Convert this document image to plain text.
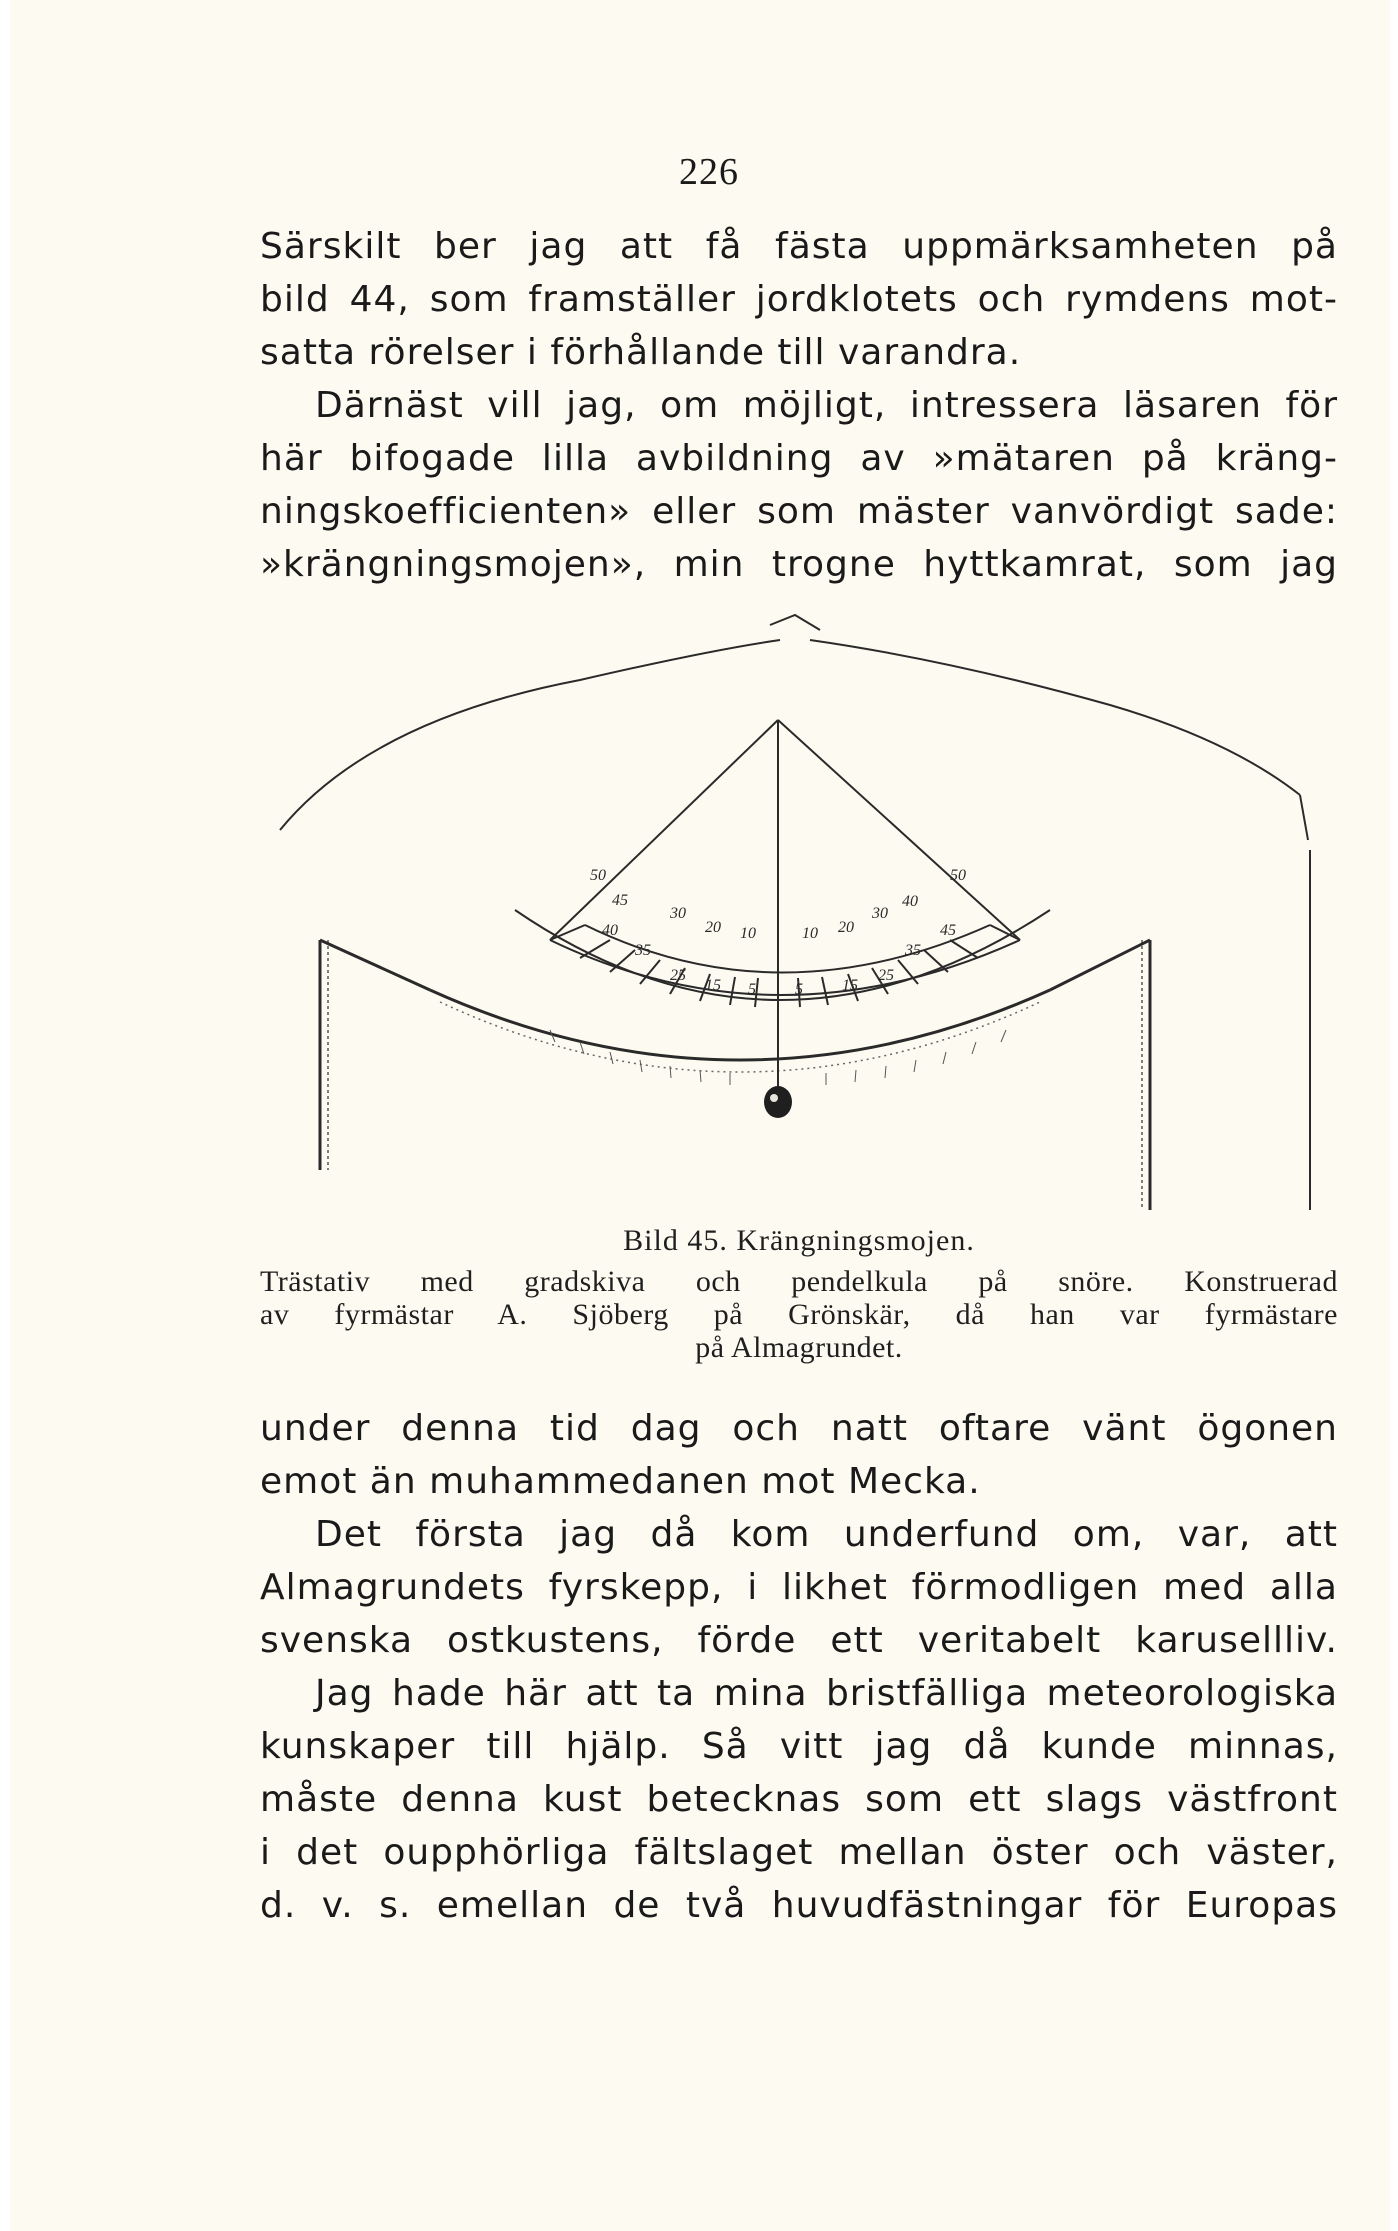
226
Särskilt ber jag att få fästa uppmärksamheten på
bild 44, som framställer jordklotets och rymdens mot-
satta rörelser i förhållande till varandra.
Därnäst vill jag, om möjligt, intressera läsaren för
här bifogade lilla avbildning av »mätaren på kräng-
ningskoefficienten» eller som mäster vanvördigt sade:
»krängningsmojen», min trogne hyttkamrat, som jag
50
45
40
35
30
25
20
15
10
5 5
10
15
20
25
30
35
40
45
50
Bild 45. Krängningsmojen.
Trästativ med gradskiva och pendelkula på snöre. Konstruerad
av fyrmästar A. Sjöberg på Grönskär, då han var fyrmästare
på Almagrundet.
under denna tid dag och natt oftare vänt ögonen
emot än muhammedanen mot Mecka.
Det första jag då kom underfund om, var, att
Almagrundets fyrskepp, i likhet förmodligen med alla
svenska ostkustens, förde ett veritabelt karusellliv.
Jag hade här att ta mina bristfälliga meteorologiska
kunskaper till hjälp. Så vitt jag då kunde minnas,
måste denna kust betecknas som ett slags västfront
i det oupphörliga fältslaget mellan öster och väster,
d. v. s. emellan de två huvudfästningar för Europas
